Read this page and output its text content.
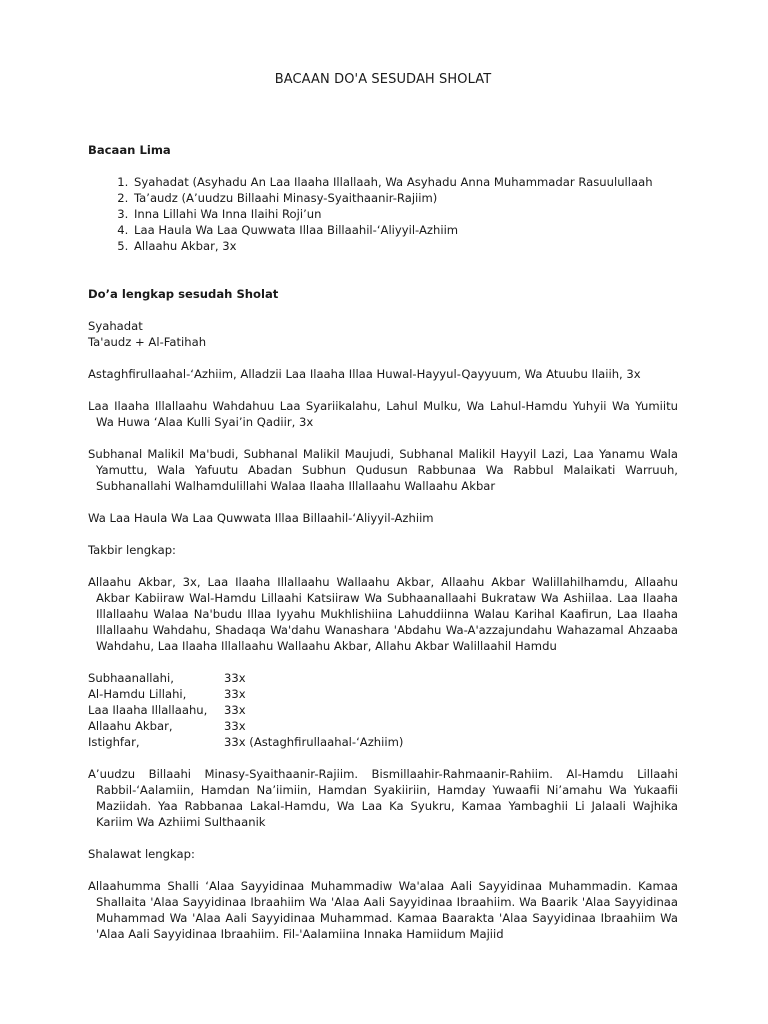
BACAAN DO'A SESUDAH SHOLAT
Bacaan Lima
1. Syahadat (Asyhadu An Laa Ilaaha Illallaah, Wa Asyhadu Anna Muhammadar Rasuulullaah
2. Ta’audz (A’uudzu Billaahi Minasy-Syaithaanir-Rajiim)
3. Inna Lillahi Wa Inna Ilaihi Roji’un
4. Laa Haula Wa Laa Quwwata Illaa Billaahil-‘Aliyyil-Azhiim
5. Allaahu Akbar, 3x
Do’a lengkap sesudah Sholat
Syahadat
Ta'audz + Al-Fatihah
Astaghfirullaahal-‘Azhiim, Alladzii Laa Ilaaha Illaa Huwal-Hayyul-Qayyuum, Wa Atuubu Ilaiih, 3x
Laa Ilaaha Illallaahu Wahdahuu Laa Syariikalahu, Lahul Mulku, Wa Lahul-Hamdu Yuhyii Wa Yumiitu Wa Huwa ‘Alaa Kulli Syai’in Qadiir, 3x
Subhanal Malikil Ma'budi, Subhanal Malikil Maujudi, Subhanal Malikil Hayyil Lazi, Laa Yanamu Wala Yamuttu, Wala Yafuutu Abadan Subhun Qudusun Rabbunaa Wa Rabbul Malaikati Warruuh, Subhanallahi Walhamdulillahi Walaa Ilaaha Illallaahu Wallaahu Akbar
Wa Laa Haula Wa Laa Quwwata Illaa Billaahil-‘Aliyyil-Azhiim
Takbir lengkap:
Allaahu Akbar, 3x, Laa Ilaaha Illallaahu Wallaahu Akbar, Allaahu Akbar Walillahilhamdu, Allaahu Akbar Kabiiraw Wal-Hamdu Lillaahi Katsiiraw Wa Subhaanallaahi Bukrataw Wa Ashiilaa. Laa Ilaaha Illallaahu Walaa Na'budu Illaa Iyyahu Mukhlishiina Lahuddiinna Walau Karihal Kaafirun, Laa Ilaaha Illallaahu Wahdahu, Shadaqa Wa'dahu Wanashara 'Abdahu Wa-A'azzajundahu Wahazamal Ahzaaba Wahdahu, Laa Ilaaha Illallaahu Wallaahu Akbar, Allahu Akbar Walillaahil Hamdu
Subhaanallahi,	33x
Al-Hamdu Lillahi,	33x
Laa Ilaaha Illallaahu,	33x
Allaahu Akbar,	33x
Istighfar,	33x (Astaghfirullaahal-‘Azhiim)
A’uudzu Billaahi Minasy-Syaithaanir-Rajiim. Bismillaahir-Rahmaanir-Rahiim. Al-Hamdu Lillaahi Rabbil-‘Aalamiin, Hamdan Na’iimiin, Hamdan Syakiiriin, Hamday Yuwaafii Ni’amahu Wa Yukaafii Maziidah. Yaa Rabbanaa Lakal-Hamdu, Wa Laa Ka Syukru, Kamaa Yambaghii Li Jalaali Wajhika Kariim Wa Azhiimi Sulthaanik
Shalawat lengkap:
Allaahumma Shalli ‘Alaa Sayyidinaa Muhammadiw Wa'alaa Aali Sayyidinaa Muhammadin. Kamaa Shallaita 'Alaa Sayyidinaa Ibraahiim Wa 'Alaa Aali Sayyidinaa Ibraahiim. Wa Baarik 'Alaa Sayyidinaa Muhammad Wa 'Alaa Aali Sayyidinaa Muhammad. Kamaa Baarakta 'Alaa Sayyidinaa Ibraahiim Wa 'Alaa Aali Sayyidinaa Ibraahiim. Fil-'Aalamiina Innaka Hamiidum Majiid
